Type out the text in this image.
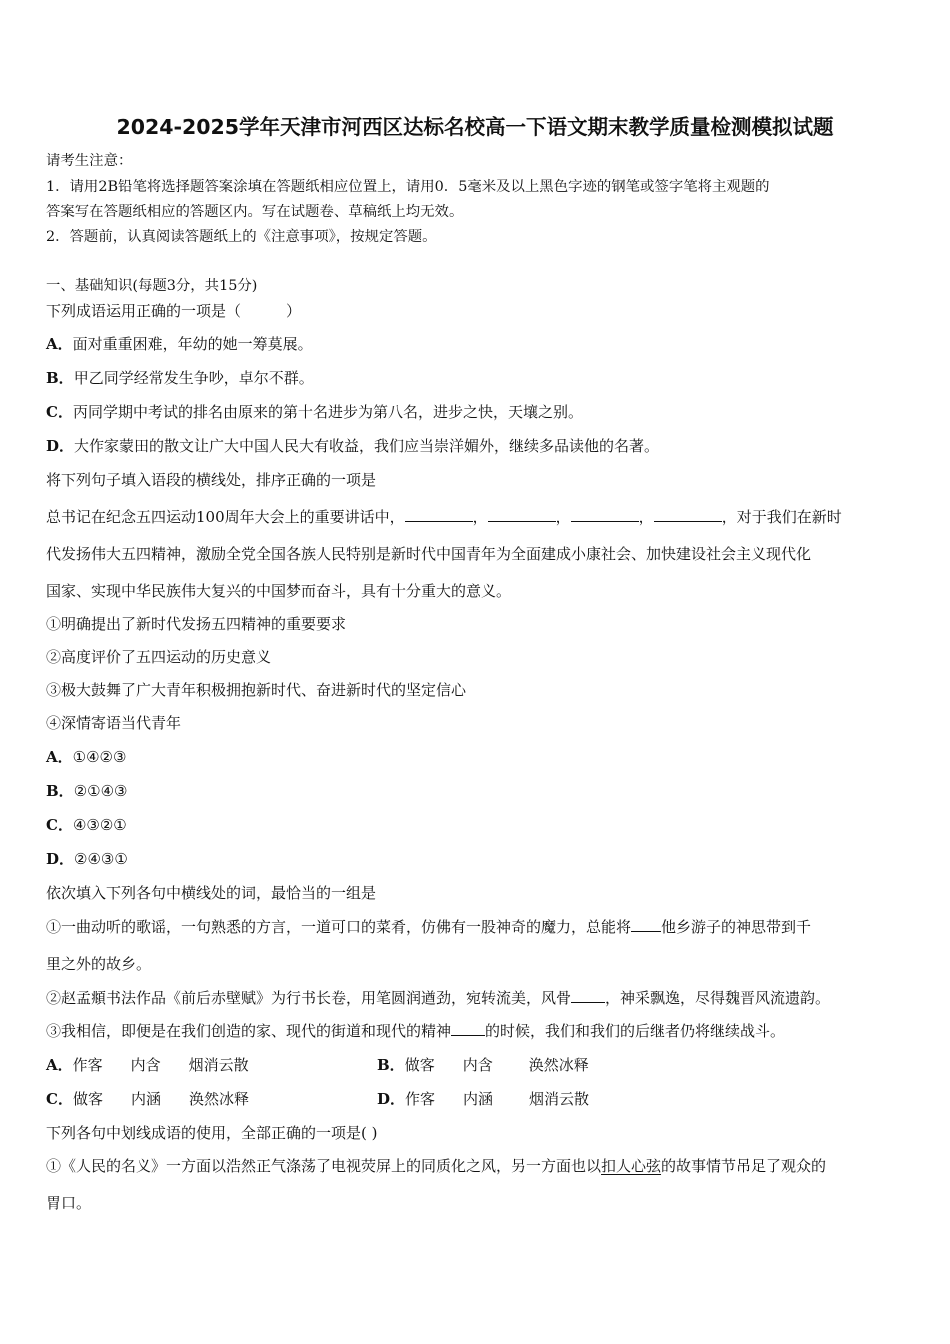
2024-2025学年天津市河西区达标名校高一下语文期末教学质量检测模拟试题
请考生注意：
1．请用2B铅笔将选择题答案涂填在答题纸相应位置上，请用0．5毫米及以上黑色字迹的钢笔或签字笔将主观题的
答案写在答题纸相应的答题区内。写在试题卷、草稿纸上均无效。
2．答题前，认真阅读答题纸上的《注意事项》，按规定答题。
一、基础知识(每题3分，共15分)
下列成语运用正确的一项是（　　　）
A．面对重重困难，年幼的她一筹莫展。
B．甲乙同学经常发生争吵，卓尔不群。
C．丙同学期中考试的排名由原来的第十名进步为第八名，进步之快，天壤之别。
D．大作家蒙田的散文让广大中国人民大有收益，我们应当崇洋媚外，继续多品读他的名著。
将下列句子填入语段的横线处，排序正确的一项是
总书记在纪念五四运动100周年大会上的重要讲话中，	，	，	，	，对于我们在新时
代发扬伟大五四精神，激励全党全国各族人民特别是新时代中国青年为全面建成小康社会、加快建设社会主义现代化
国家、实现中华民族伟大复兴的中国梦而奋斗，具有十分重大的意义。
①明确提出了新时代发扬五四精神的重要要求
②高度评价了五四运动的历史意义
③极大鼓舞了广大青年积极拥抱新时代、奋进新时代的坚定信心
④深情寄语当代青年
A．①④②③
B．②①④③
C．④③②①
D．②④③①
依次填入下列各句中横线处的词，最恰当的一组是
①一曲动听的歌谣，一句熟悉的方言，一道可口的菜肴，仿佛有一股神奇的魔力，总能将 他乡游子的神思带到千
里之外的故乡。
②赵孟頫书法作品《前后赤壁赋》为行书长卷，用笔圆润遒劲，宛转流美，风骨 ，神采飘逸，尽得魏晋风流遗韵。
③我相信，即便是在我们创造的家、现代的街道和现代的精神 的时候，我们和我们的后继者仍将继续战斗。
A．作客 内含 烟消云散	B．做客 内含 涣然冰释
C．做客 内涵 涣然冰释	D．作客 内涵 烟消云散
下列各句中划线成语的使用，全部正确的一项是( )
①《人民的名义》一方面以浩然正气涤荡了电视荧屏上的同质化之风，另一方面也以扣人心弦的故事情节吊足了观众的
胃口。
